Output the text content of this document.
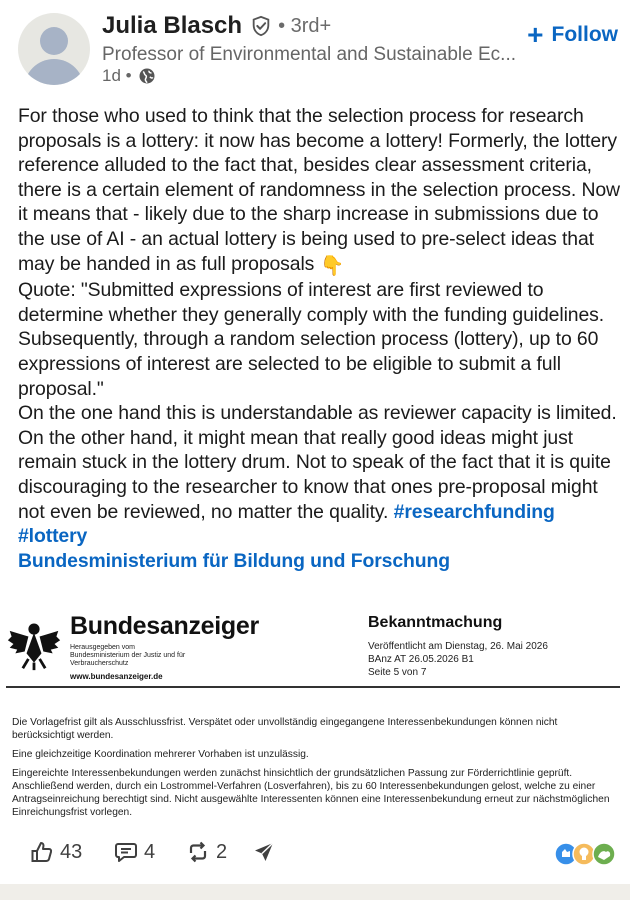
Julia Blasch • 3rd+
Professor of Environmental and Sustainable Ec...
1d •
+ Follow
For those who used to think that the selection process for research proposals is a lottery: it now has become a lottery! Formerly, the lottery reference alluded to the fact that, besides clear assessment criteria, there is a certain element of randomness in the selection process. Now it means that - likely due to the sharp increase in submissions due to the use of AI - an actual lottery is being used to pre-select ideas that may be handed in as full proposals 👇
Quote: "Submitted expressions of interest are first reviewed to determine whether they generally comply with the funding guidelines. Subsequently, through a random selection process (lottery), up to 60 expressions of interest are selected to be eligible to submit a full proposal."
On the one hand this is understandable as reviewer capacity is limited. On the other hand, it might mean that really good ideas might just remain stuck in the lottery drum. Not to speak of the fact that it is quite discouraging to the researcher to know that ones pre-proposal might not even be reviewed, no matter the quality. #researchfunding #lottery
Bundesministerium für Bildung und Forschung
Bundesanzeiger
Herausgegeben vom Bundesministerium der Justiz und für Verbraucherschutz
www.bundesanzeiger.de
Bekanntmachung
Veröffentlicht am Dienstag, 26. Mai 2026
BAnz AT 26.05.2026 B1
Seite 5 von 7
Die Vorlagefrist gilt als Ausschlussfrist. Verspätet oder unvollständig eingegangene Interessenbekundungen können nicht berücksichtigt werden.
Eine gleichzeitige Koordination mehrerer Vorhaben ist unzulässig.
Eingereichte Interessenbekundungen werden zunächst hinsichtlich der grundsätzlichen Passung zur Förderrichtlinie geprüft. Anschließend werden, durch ein Lostrommel-Verfahren (Losverfahren), bis zu 60 Interessenbekundungen gelost, welche zu einer Antragseinreichung berechtigt sind. Nicht ausgewählte Interessenten können eine Interessenbekundung erneut zur nächstmöglichen Einreichungsfrist vorlegen.
43	4	2
